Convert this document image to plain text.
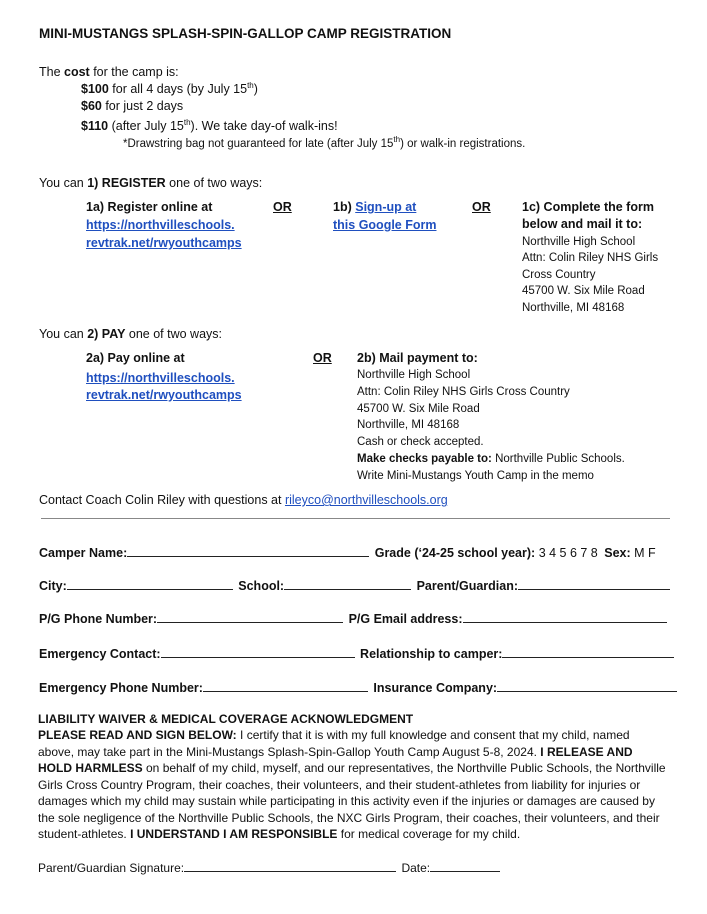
MINI-MUSTANGS SPLASH-SPIN-GALLOP CAMP REGISTRATION
The cost for the camp is:
$100 for all 4 days (by July 15th)
$60 for just 2 days
$110 (after July 15th). We take day-of walk-ins!
*Drawstring bag not guaranteed for late (after July 15th) or walk-in registrations.
You can 1) REGISTER one of two ways:
1a) Register online at
https://northvilleschools.
revtrak.net/rwyouthcamps
OR	1b) Sign-up at
this Google Form
OR	1c) Complete the form
below and mail it to:
Northville High School
Attn: Colin Riley NHS Girls
Cross Country
45700 W. Six Mile Road
Northville, MI 48168
You can 2) PAY one of two ways:
2a) Pay online at
https://northvilleschools.
revtrak.net/rwyouthcamps
OR 2b) Mail payment to:
Northville High School
Attn: Colin Riley NHS Girls Cross Country
45700 W. Six Mile Road
Northville, MI 48168
Cash or check accepted.
Make checks payable to: Northville Public Schools.
Write Mini-Mustangs Youth Camp in the memo
Contact Coach Colin Riley with questions at rileyco@northvilleschools.org
Camper Name:	Grade (‘24-25 school year): 3 4 5 6 7 8 Sex: M F
City:	School:	Parent/Guardian:
P/G Phone Number:	P/G Email address:
Emergency Contact:	Relationship to camper:
Emergency Phone Number:	Insurance Company:
LIABILITY WAIVER & MEDICAL COVERAGE ACKNOWLEDGMENT
PLEASE READ AND SIGN BELOW: I certify that it is with my full knowledge and consent that my child, named above, may take part in the Mini-Mustangs Splash-Spin-Gallop Youth Camp August 5-8, 2024. I RELEASE AND HOLD HARMLESS on behalf of my child, myself, and our representatives, the Northville Public Schools, the Northville Girls Cross Country Program, their coaches, their volunteers, and their student-athletes from liability for injuries or damages which my child may sustain while participating in this activity even if the injuries or damages are caused by the sole negligence of the Northville Public Schools, the NXC Girls Program, their coaches, their volunteers, and their student-athletes. I UNDERSTAND I AM RESPONSIBLE for medical coverage for my child.
Parent/Guardian Signature:	Date:
